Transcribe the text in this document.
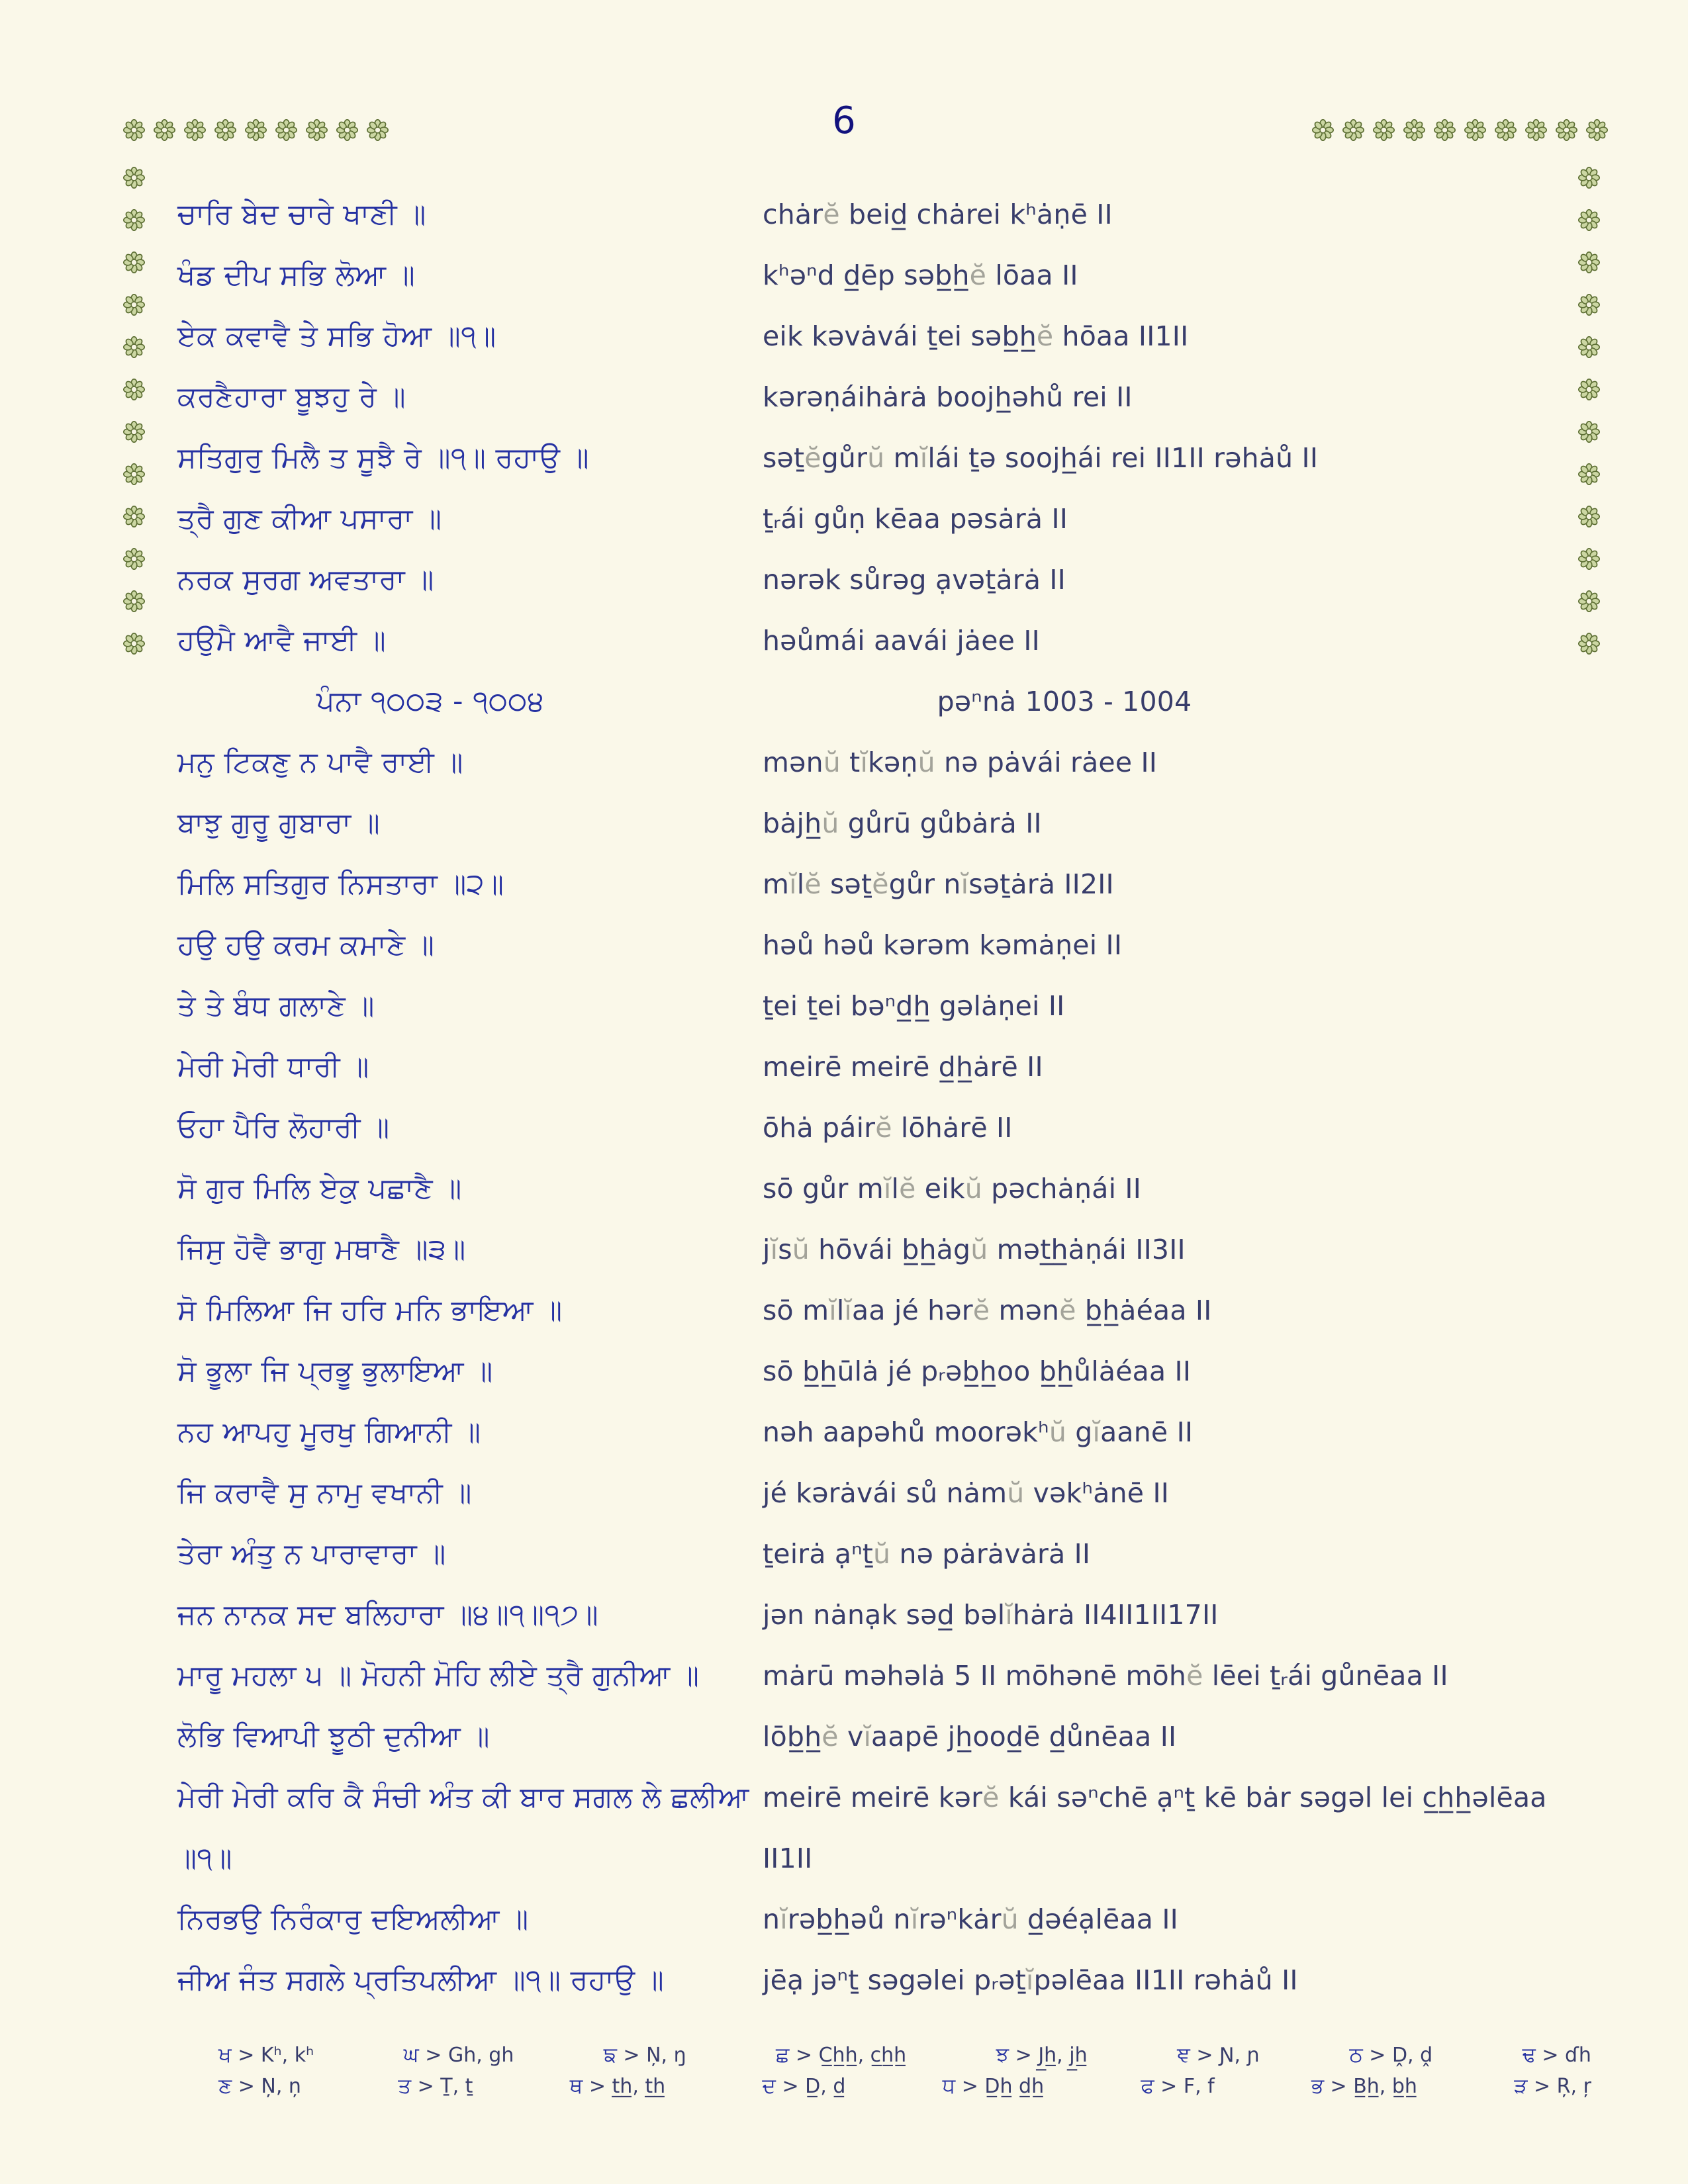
6
ਚਾਰਿ ਬੇਦ ਚਾਰੇ ਖਾਣੀ ॥	chȧrĕ beid̲ chȧrei kʰȧṇē II
ਖੰਡ ਦੀਪ ਸਭਿ ਲੋਆ ॥	kʰəⁿd d̲ēp səb̲h̲ĕ lōaa II
ਏਕ ਕਵਾਵੈ ਤੇ ਸਭਿ ਹੋਆ ॥੧॥	eik kəvȧvái ṯei səb̲h̲ĕ hōaa II1II
ਕਰਣੈਹਾਰਾ ਬੂਝਹੁ ਰੇ ॥	kərəṇáihȧrȧ boojh̲əhů rei II
ਸਤਿਗੁਰੁ ਮਿਲੈ ਤ ਸੂਝੈ ਰੇ ॥੧॥ ਰਹਾਉ ॥	səṯĕgůrŭ mĭlái ṯə soojh̲ái rei II1II rəhȧů II
ਤ੍ਰੈ ਗੁਣ ਕੀਆ ਪਸਾਰਾ ॥	ṯᵣái gůṇ kēaa pəsȧrȧ II
ਨਰਕ ਸੁਰਗ ਅਵਤਾਰਾ ॥	nərək sůrəg ạvəṯȧrȧ II
ਹਉਮੈ ਆਵੈ ਜਾਈ ॥	həůmái aavái jȧee II
ਪੰਨਾ ੧੦੦੩ - ੧੦੦੪	pəⁿnȧ 1003 - 1004
ਮਨੁ ਟਿਕਣੁ ਨ ਪਾਵੈ ਰਾਈ ॥	mənŭ tĭkəṇŭ nə pȧvái rȧee II
ਬਾਝੁ ਗੁਰੂ ਗੁਬਾਰਾ ॥	bȧjh̲ŭ gůrū gůbȧrȧ II
ਮਿਲਿ ਸਤਿਗੁਰ ਨਿਸਤਾਰਾ ॥੨॥	mĭlĕ səṯĕgůr nĭsəṯȧrȧ II2II
ਹਉ ਹਉ ਕਰਮ ਕਮਾਣੇ ॥	həů həů kərəm kəmȧṇei II
ਤੇ ਤੇ ਬੰਧ ਗਲਾਣੇ ॥	ṯei ṯei bəⁿd̲h̲ gəlȧṇei II
ਮੇਰੀ ਮੇਰੀ ਧਾਰੀ ॥	meirē meirē d̲h̲ȧrē II
ਓਹਾ ਪੈਰਿ ਲੋਹਾਰੀ ॥	ōhȧ páirĕ lōhȧrē II
ਸੋ ਗੁਰ ਮਿਲਿ ਏਕੁ ਪਛਾਣੈ ॥	sō gůr mĭlĕ eikŭ pəchȧṇái II
ਜਿਸੁ ਹੋਵੈ ਭਾਗੁ ਮਥਾਣੈ ॥੩॥	jĭsŭ hōvái b̲h̲ȧgŭ mət̲h̲ȧṇái II3II
ਸੋ ਮਿਲਿਆ ਜਿ ਹਰਿ ਮਨਿ ਭਾਇਆ ॥	sō mĭlĭaa jé hərĕ mənĕ b̲h̲ȧéaa II
ਸੋ ਭੂਲਾ ਜਿ ਪ੍ਰਭੂ ਭੁਲਾਇਆ ॥	sō b̲h̲ūlȧ jé pᵣəb̲h̲oo b̲h̲ůlȧéaa II
ਨਹ ਆਪਹੁ ਮੂਰਖੁ ਗਿਆਨੀ ॥	nəh aapəhů moorəkʰŭ gĭaanē II
ਜਿ ਕਰਾਵੈ ਸੁ ਨਾਮੁ ਵਖਾਨੀ ॥	jé kərȧvái sů nȧmŭ vəkʰȧnē II
ਤੇਰਾ ਅੰਤੁ ਨ ਪਾਰਾਵਾਰਾ ॥	ṯeirȧ ạⁿṯŭ nə pȧrȧvȧrȧ II
ਜਨ ਨਾਨਕ ਸਦ ਬਲਿਹਾਰਾ ॥੪॥੧॥੧੭॥	jən nȧnạk səd̲ bəlĭhȧrȧ II4II1II17II
ਮਾਰੂ ਮਹਲਾ ੫ ॥ ਮੋਹਨੀ ਮੋਹਿ ਲੀਏ ਤ੍ਰੈ ਗੁਨੀਆ ॥	mȧrū məhəlȧ 5 II mōhənē mōhĕ lēei ṯᵣái gůnēaa II
ਲੋਭਿ ਵਿਆਪੀ ਝੂਠੀ ਦੁਨੀਆ ॥	lōb̲h̲ĕ vĭaapē jh̲ood̲ē d̲ůnēaa II
ਮੇਰੀ ਮੇਰੀ ਕਰਿ ਕੈ ਸੰਚੀ ਅੰਤ ਕੀ ਬਾਰ ਸਗਲ ਲੇ ਛਲੀਆ ॥੧॥
meirē meirē kərĕ kái səⁿchē ạⁿṯ kē bȧr səgəl lei c̲h̲h̲əlēaa II1II
ਨਿਰਭਉ ਨਿਰੰਕਾਰੁ ਦਇਅਲੀਆ ॥	nĭrəb̲h̲əů nĭrəⁿkȧrŭ d̲əéạlēaa II
ਜੀਅ ਜੰਤ ਸਗਲੇ ਪ੍ਰਤਿਪਲੀਆ ॥੧॥ ਰਹਾਉ ॥	jēạ jəⁿṯ səgəlei pᵣəṯĭpəlēaa II1II rəhȧů II
ਖ > Kʰ, kʰ	ਘ > Gh, gh	ਙ > Ņ, ŋ	ਛ > C̲h̲h̲, c̲h̲h̲	ਝ > J̲h̲, j̲h̲	ਞ > Ɲ, ɲ	ਠ > Ḓ, ḓ	ਢ > ɗh
ਣ > Ņ, ņ	ਤ > Ṯ, ṯ	ਥ > t̲h̲, t̲h̲	ਦ > D̲, d̲	ਧ > D̲h̲ d̲h̲	ਫ > F, f	ਭ > B̲h̲, b̲h̲	ੜ > Ŗ, ŗ
